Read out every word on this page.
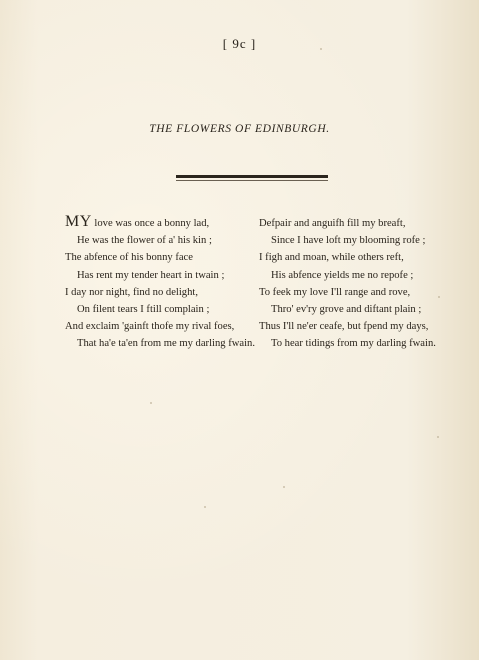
[ 9c ]
THE FLOWERS OF EDINBURGH.
MY love was once a bonny lad,
He was the flower of a' his kin ;
The abfence of his bonny face
Has rent my tender heart in twain ;
I day nor night, find no delight,
On filent tears I ftill complain ;
And exclaim 'gainft thofe my rival foes,
That ha'e ta'en from me my darling fwain.
Defpair and anguifh fill my breaft,
Since I have loft my blooming rofe ;
I figh and moan, while others reft,
His abfence yields me no repofe ;
To feek my love I'll range and rove,
Thro' ev'ry grove and diftant plain ;
Thus I'll ne'er ceafe, but fpend my days,
To hear tidings from my darling fwain.
